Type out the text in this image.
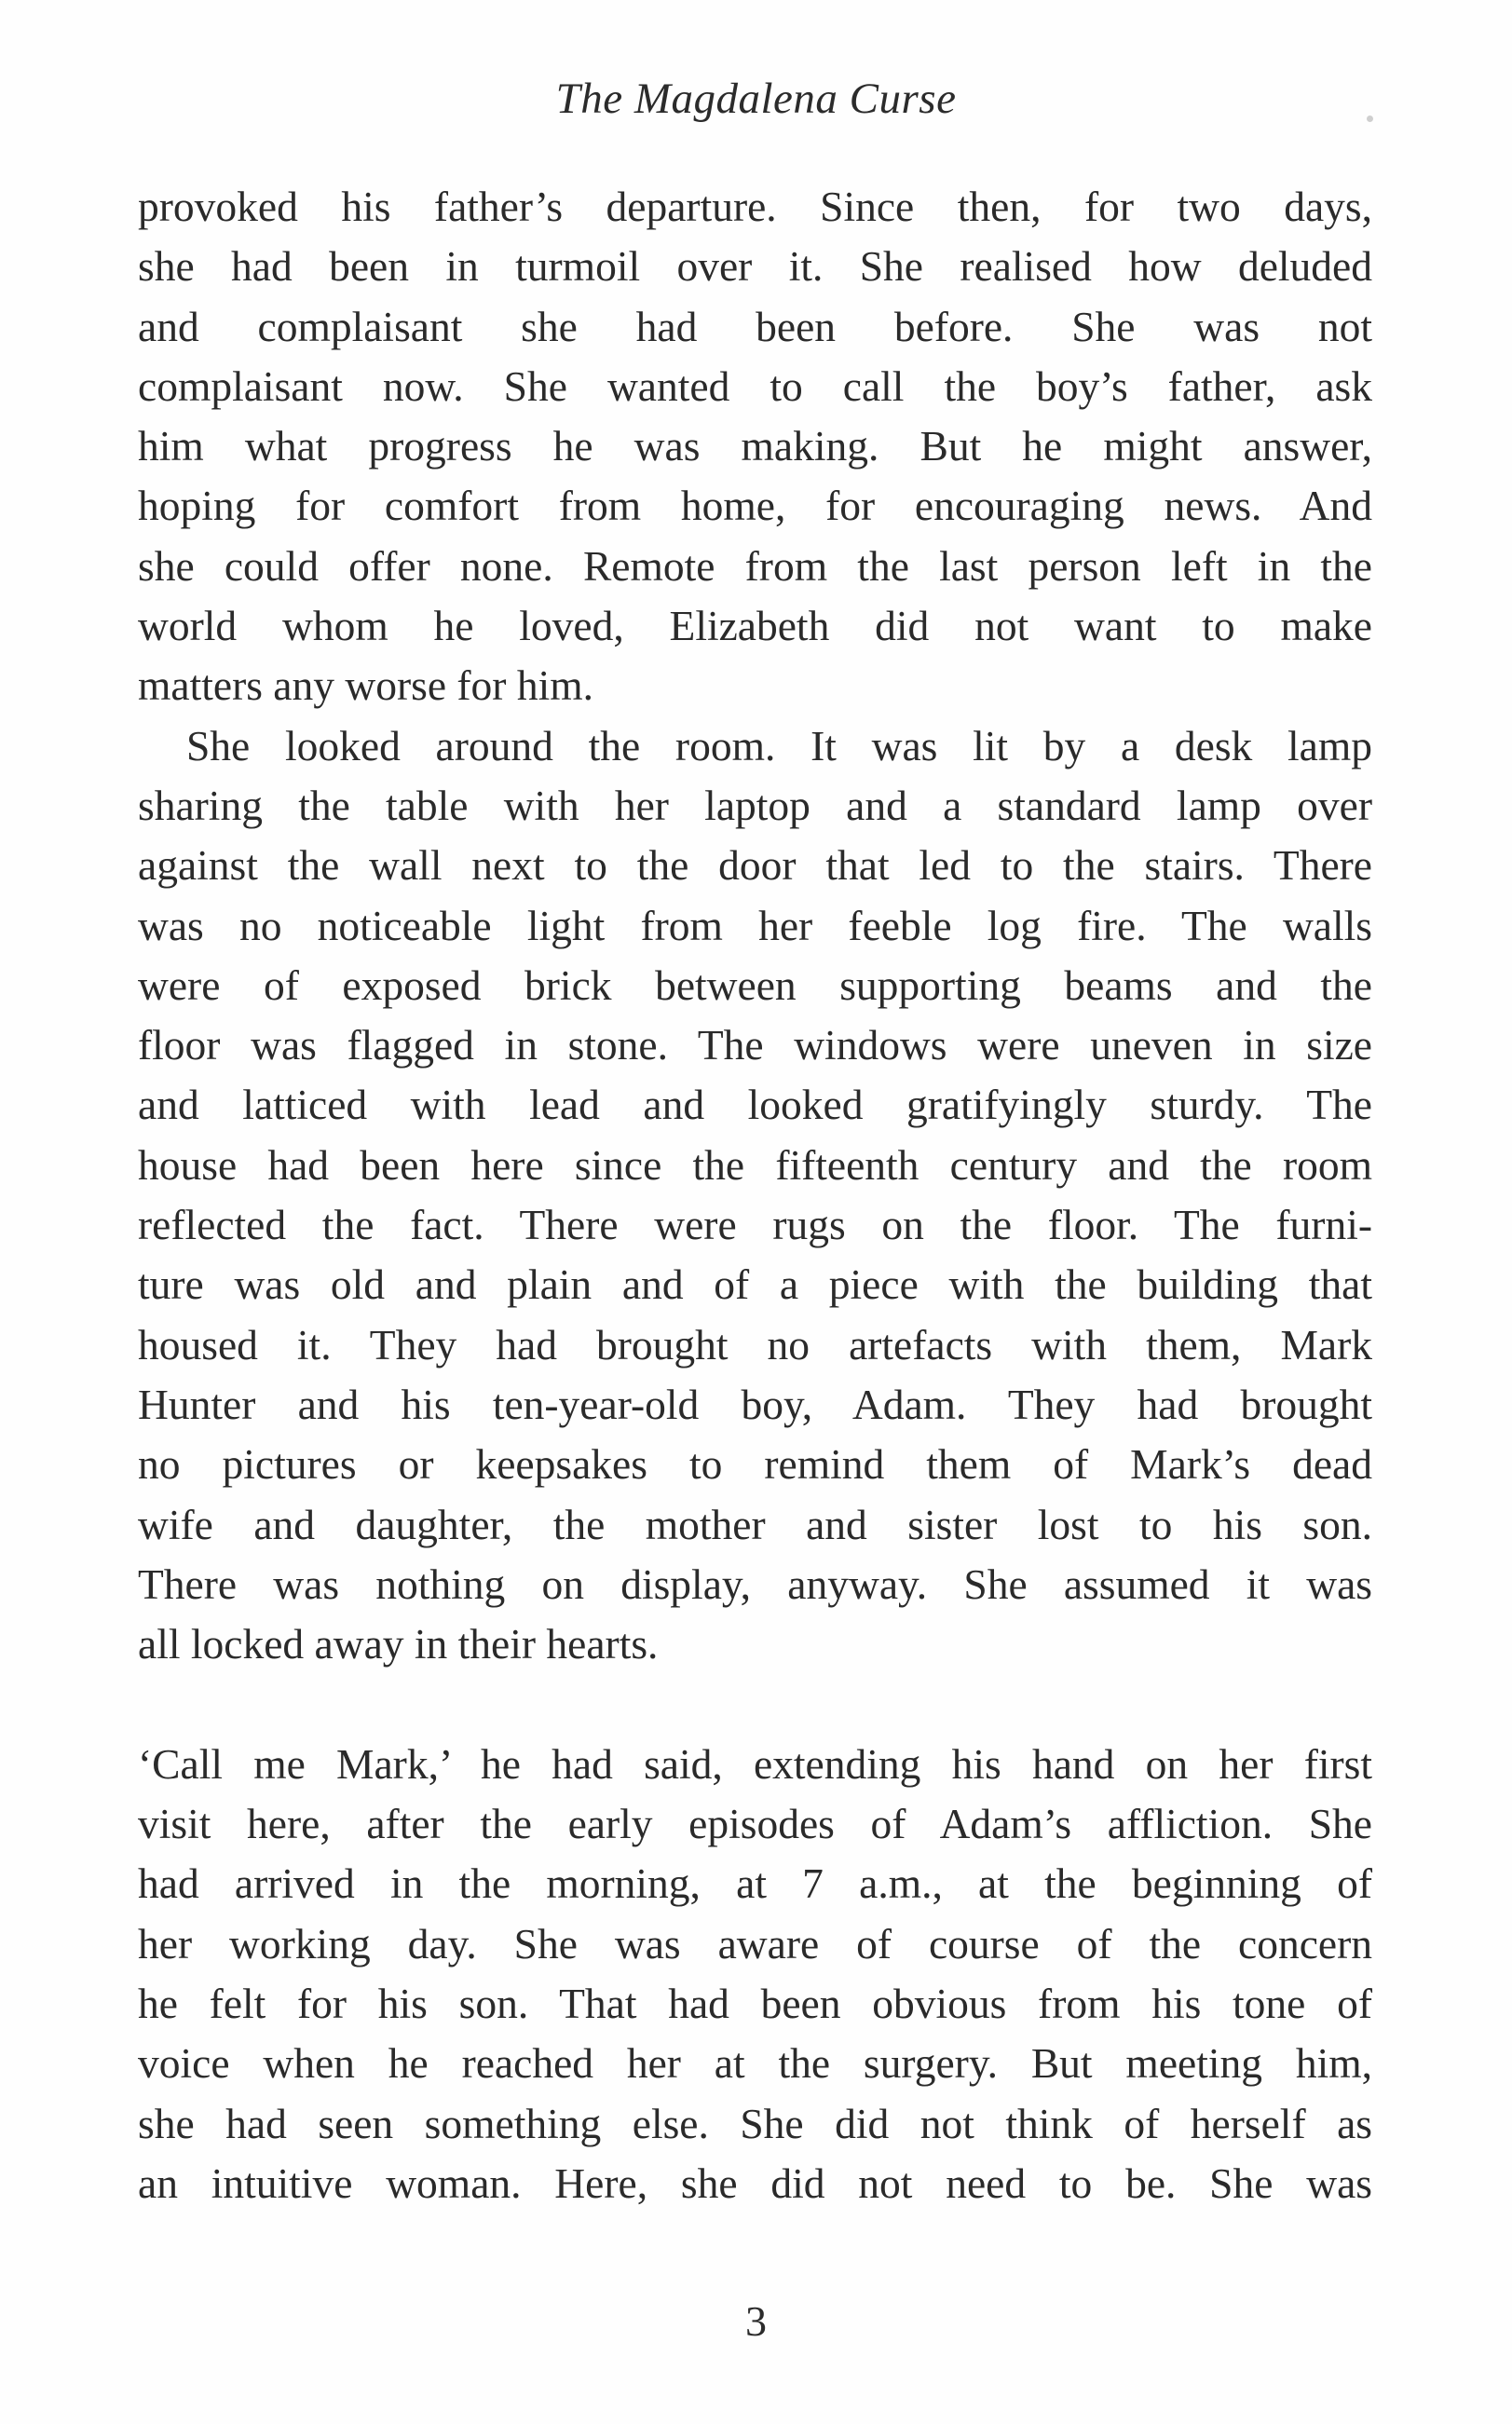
The Magdalena Curse
provoked his father’s departure. Since then, for two days,
she had been in turmoil over it. She realised how deluded
and complaisant she had been before. She was not
complaisant now. She wanted to call the boy’s father, ask
him what progress he was making. But he might answer,
hoping for comfort from home, for encouraging news. And
she could offer none. Remote from the last person left in the
world whom he loved, Elizabeth did not want to make
matters any worse for him.
She looked around the room. It was lit by a desk lamp
sharing the table with her laptop and a standard lamp over
against the wall next to the door that led to the stairs. There
was no noticeable light from her feeble log fire. The walls
were of exposed brick between supporting beams and the
floor was flagged in stone. The windows were uneven in size
and latticed with lead and looked gratifyingly sturdy. The
house had been here since the fifteenth century and the room
reflected the fact. There were rugs on the floor. The furni-
ture was old and plain and of a piece with the building that
housed it. They had brought no artefacts with them, Mark
Hunter and his ten-year-old boy, Adam. They had brought
no pictures or keepsakes to remind them of Mark’s dead
wife and daughter, the mother and sister lost to his son.
There was nothing on display, anyway. She assumed it was
all locked away in their hearts.
‘Call me Mark,’ he had said, extending his hand on her first
visit here, after the early episodes of Adam’s affliction. She
had arrived in the morning, at 7 a.m., at the beginning of
her working day. She was aware of course of the concern
he felt for his son. That had been obvious from his tone of
voice when he reached her at the surgery. But meeting him,
she had seen something else. She did not think of herself as
an intuitive woman. Here, she did not need to be. She was
3
